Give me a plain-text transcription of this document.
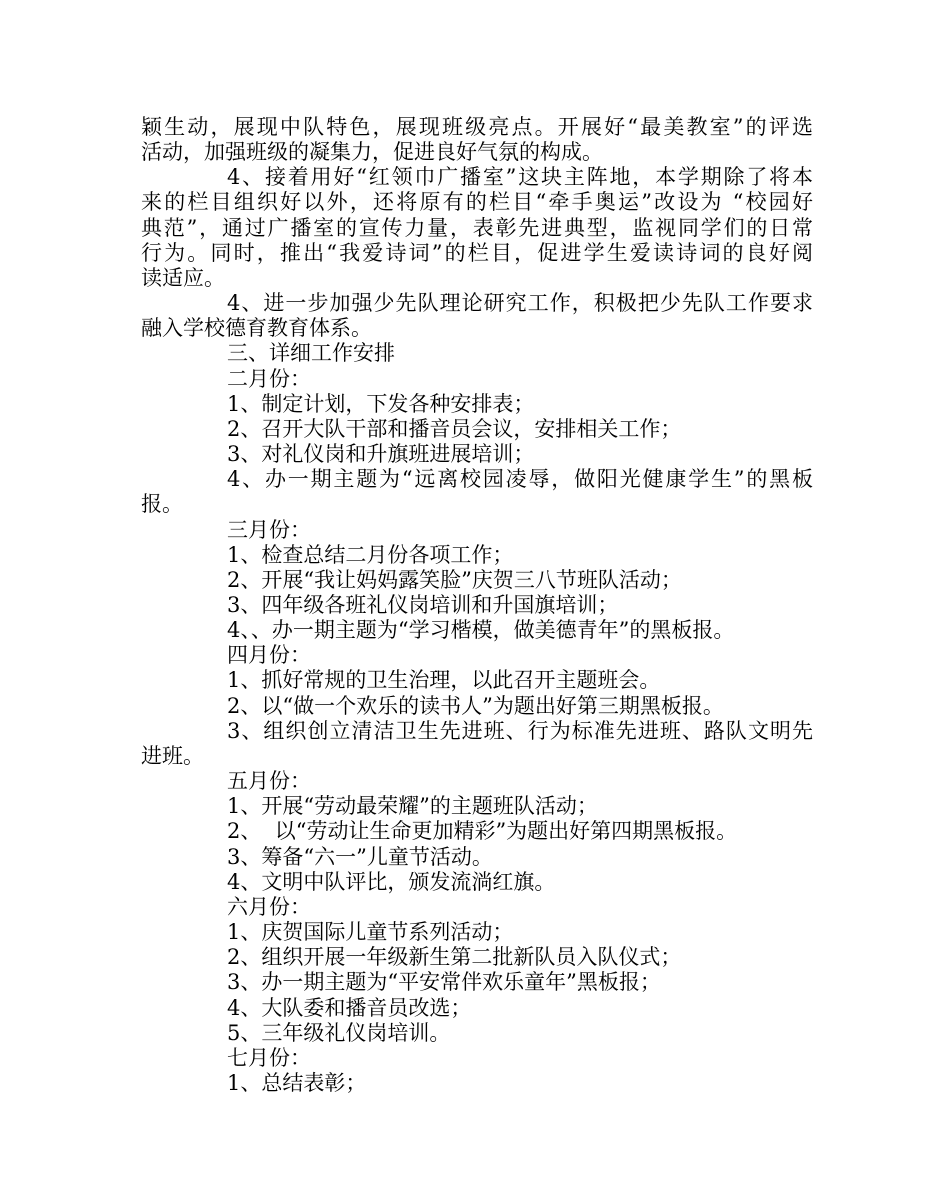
颖生动，展现中队特色，展现班级亮点。开展好“最美教室”的评选
活动，加强班级的凝集力，促进良好气氛的构成。
4、接着用好“红领巾广播室”这块主阵地，本学期除了将本
来的栏目组织好以外，还将原有的栏目“牵手奥运”改设为 “校园好
典范”，通过广播室的宣传力量，表彰先进典型，监视同学们的日常
行为。同时，推出“我爱诗词”的栏目，促进学生爱读诗词的良好阅
读适应。
4、进一步加强少先队理论研究工作，积极把少先队工作要求
融入学校德育教育体系。
三、详细工作安排
二月份：
1、制定计划，下发各种安排表；
2、召开大队干部和播音员会议，安排相关工作；
3、对礼仪岗和升旗班进展培训；
4、办一期主题为“远离校园凌辱，做阳光健康学生”的黑板
报。
三月份：
1、检查总结二月份各项工作；
2、开展“我让妈妈露笑脸”庆贺三八节班队活动；
3、四年级各班礼仪岗培训和升国旗培训；
4、、办一期主题为“学习楷模，做美德青年”的黑板报。
四月份：
1、抓好常规的卫生治理，以此召开主题班会。
2、以“做一个欢乐的读书人”为题出好第三期黑板报。
3、组织创立清洁卫生先进班、行为标准先进班、路队文明先
进班。
五月份：
1、开展“劳动最荣耀”的主题班队活动；
2、  以“劳动让生命更加精彩”为题出好第四期黑板报。
3、筹备“六一”儿童节活动。
4、文明中队评比，颁发流淌红旗。
六月份：
1、庆贺国际儿童节系列活动；
2、组织开展一年级新生第二批新队员入队仪式；
3、办一期主题为“平安常伴欢乐童年”黑板报；
4、大队委和播音员改选；
5、三年级礼仪岗培训。
七月份：
1、总结表彰；
